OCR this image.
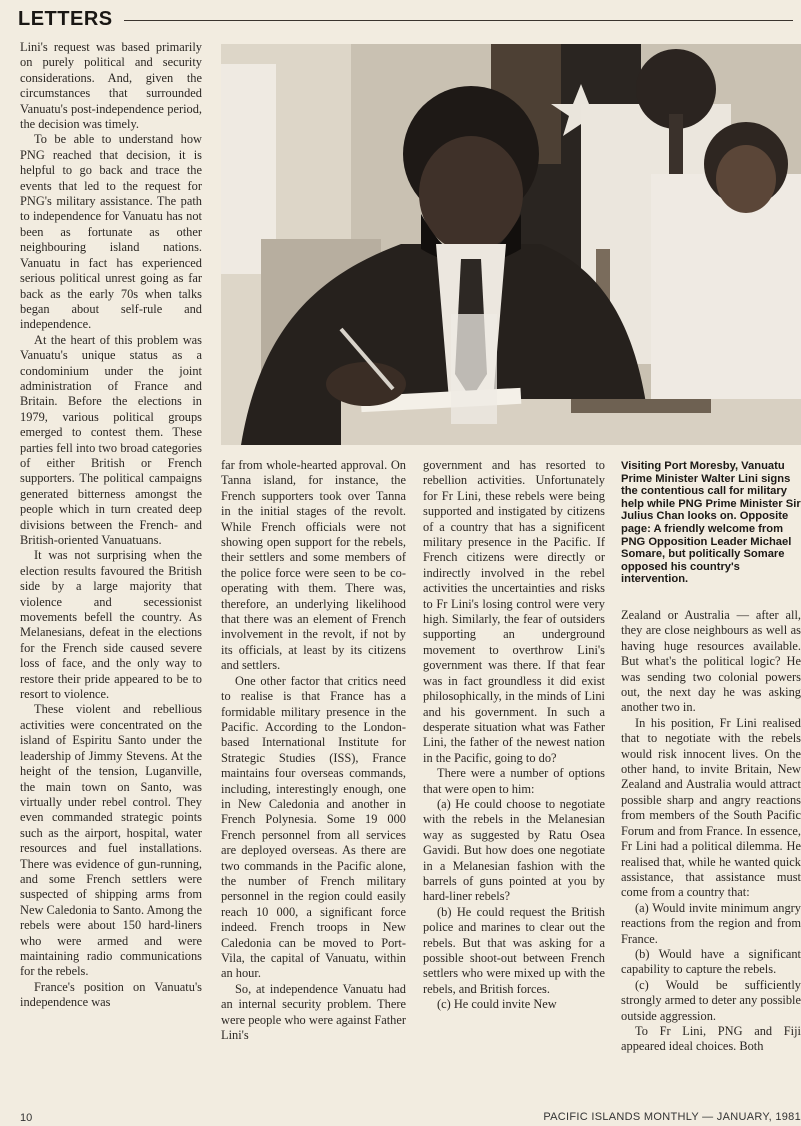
LETTERS

Lini's request was based primarily on purely political and security considerations. And, given the circumstances that surrounded Vanuatu's post-independence period, the decision was timely.

To be able to understand how PNG reached that decision, it is helpful to go back and trace the events that led to the request for PNG's military assistance. The path to independence for Vanuatu has not been as fortunate as other neighbouring island nations. Vanuatu in fact has experienced serious political unrest going as far back as the early 70s when talks began about self-rule and independence.

At the heart of this problem was Vanuatu's unique status as a condominium under the joint administration of France and Britain. Before the elections in 1979, various political groups emerged to contest them. These parties fell into two broad categories of either British or French supporters. The political campaigns generated bitterness amongst the people which in turn created deep divisions between the French- and British-oriented Vanuatuans.

It was not surprising when the election results favoured the British side by a large majority that violence and secessionist movements befell the country. As Melanesians, defeat in the elections for the French side caused severe loss of face, and the only way to restore their pride appeared to be to resort to violence.

These violent and rebellious activities were concentrated on the island of Espiritu Santo under the leadership of Jimmy Stevens. At the height of the tension, Luganville, the main town on Santo, was virtually under rebel control. They even commanded strategic points such as the airport, hospital, water resources and fuel installations. There was evidence of gun-running, and some French settlers were suspected of shipping arms from New Caledonia to Santo. Among the rebels were about 150 hard-liners who were armed and were maintaining radio communications for the rebels.

France's position on Vanuatu's independence was

Visiting Port Moresby, Vanuatu Prime Minister Walter Lini signs the contentious call for military help while PNG Prime Minister Sir Julius Chan looks on. Opposite page: A friendly welcome from PNG Opposition Leader Michael Somare, but politically Somare opposed his country's intervention.

far from whole-hearted approval. On Tanna island, for instance, the French supporters took over Tanna in the initial stages of the revolt. While French officials were not showing open support for the rebels, their settlers and some members of the police force were seen to be co-operating with them. There was, therefore, an underlying likelihood that there was an element of French involvement in the revolt, if not by its officials, at least by its citizens and settlers.

One other factor that critics need to realise is that France has a formidable military presence in the Pacific. According to the London-based International Institute for Strategic Studies (ISS), France maintains four overseas commands, including, interestingly enough, one in New Caledonia and another in French Polynesia. Some 19 000 French personnel from all services are deployed overseas. As there are two commands in the Pacific alone, the number of French military personnel in the region could easily reach 10 000, a significant force indeed. French troops in New Caledonia can be moved to Port-Vila, the capital of Vanuatu, within an hour.

So, at independence Vanuatu had an internal security problem. There were people who were against Father Lini's

government and has resorted to rebellion activities. Unfortunately for Fr Lini, these rebels were being supported and instigated by citizens of a country that has a significent military presence in the Pacific. If French citizens were directly or indirectly involved in the rebel activities the uncertainties and risks to Fr Lini's losing control were very high. Similarly, the fear of outsiders supporting an underground movement to overthrow Lini's government was there. If that fear was in fact groundless it did exist philosophically, in the minds of Lini and his government. In such a desperate situation what was Father Lini, the father of the newest nation in the Pacific, going to do?

There were a number of options that were open to him:

(a) He could choose to negotiate with the rebels in the Melanesian way as suggested by Ratu Osea Gavidi. But how does one negotiate in a Melanesian fashion with the barrels of guns pointed at you by hard-liner rebels?

(b) He could request the British police and marines to clear out the rebels. But that was asking for a possible shoot-out between French settlers who were mixed up with the rebels, and British forces.

(c) He could invite New

Zealand or Australia — after all, they are close neighbours as well as having huge resources available. But what's the political logic? He was sending two colonial powers out, the next day he was asking another two in.

In his position, Fr Lini realised that to negotiate with the rebels would risk innocent lives. On the other hand, to invite Britain, New Zealand and Australia would attract possible sharp and angry reactions from members of the South Pacific Forum and from France. In essence, Fr Lini had a political dilemma. He realised that, while he wanted quick assistance, that assistance must come from a country that:

(a) Would invite minimum angry reactions from the region and from France.

(b) Would have a significant capability to capture the rebels.

(c) Would be sufficiently strongly armed to deter any possible outside aggression.

To Fr Lini, PNG and Fiji appeared ideal choices. Both

10	PACIFIC ISLANDS MONTHLY — JANUARY, 1981
